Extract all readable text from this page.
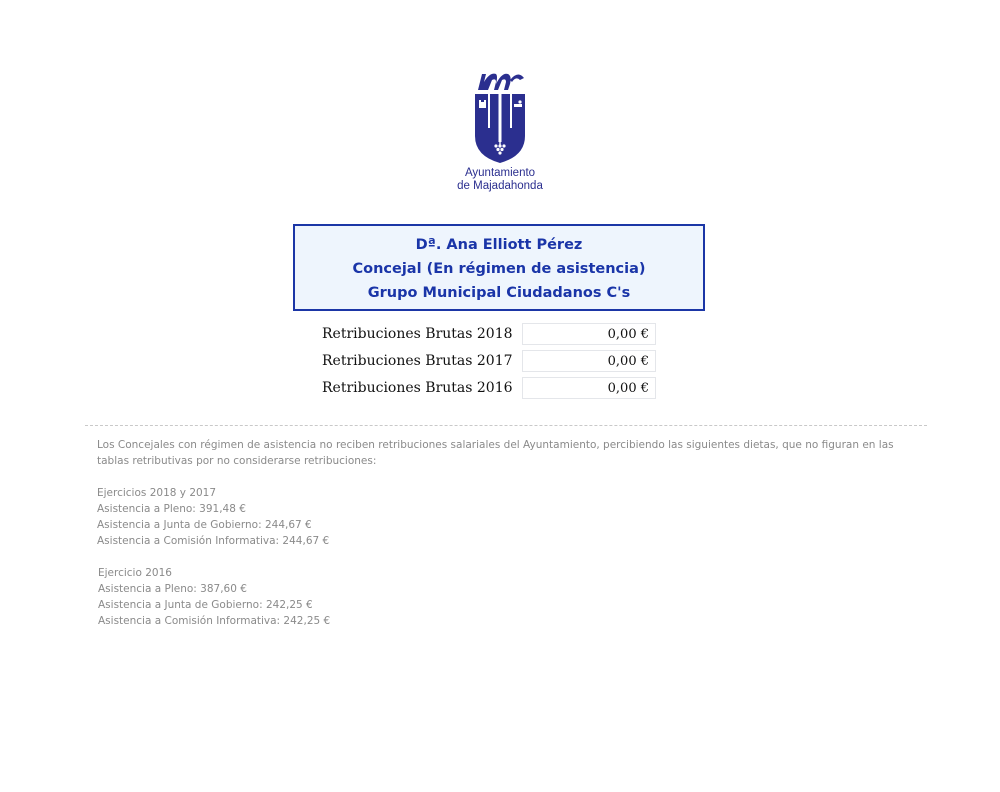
Ayuntamiento
de Majadahonda
Dª. Ana Elliott Pérez
Concejal (En régimen de asistencia)
Grupo Municipal Ciudadanos C's
Retribuciones Brutas 2018	0,00 €
Retribuciones Brutas 2017	0,00 €
Retribuciones Brutas 2016	0,00 €

Los Concejales con régimen de asistencia no reciben retribuciones salariales del Ayuntamiento, percibiendo las siguientes dietas, que no figuran en las tablas retributivas por no considerarse retribuciones:

Ejercicios 2018 y 2017

Asistencia a Pleno: 391,48 €

Asistencia a Junta de Gobierno: 244,67 €

Asistencia a Comisión Informativa: 244,67 €

Ejercicio 2016

Asistencia a Pleno: 387,60 €

Asistencia a Junta de Gobierno: 242,25 €

Asistencia a Comisión Informativa: 242,25 €
